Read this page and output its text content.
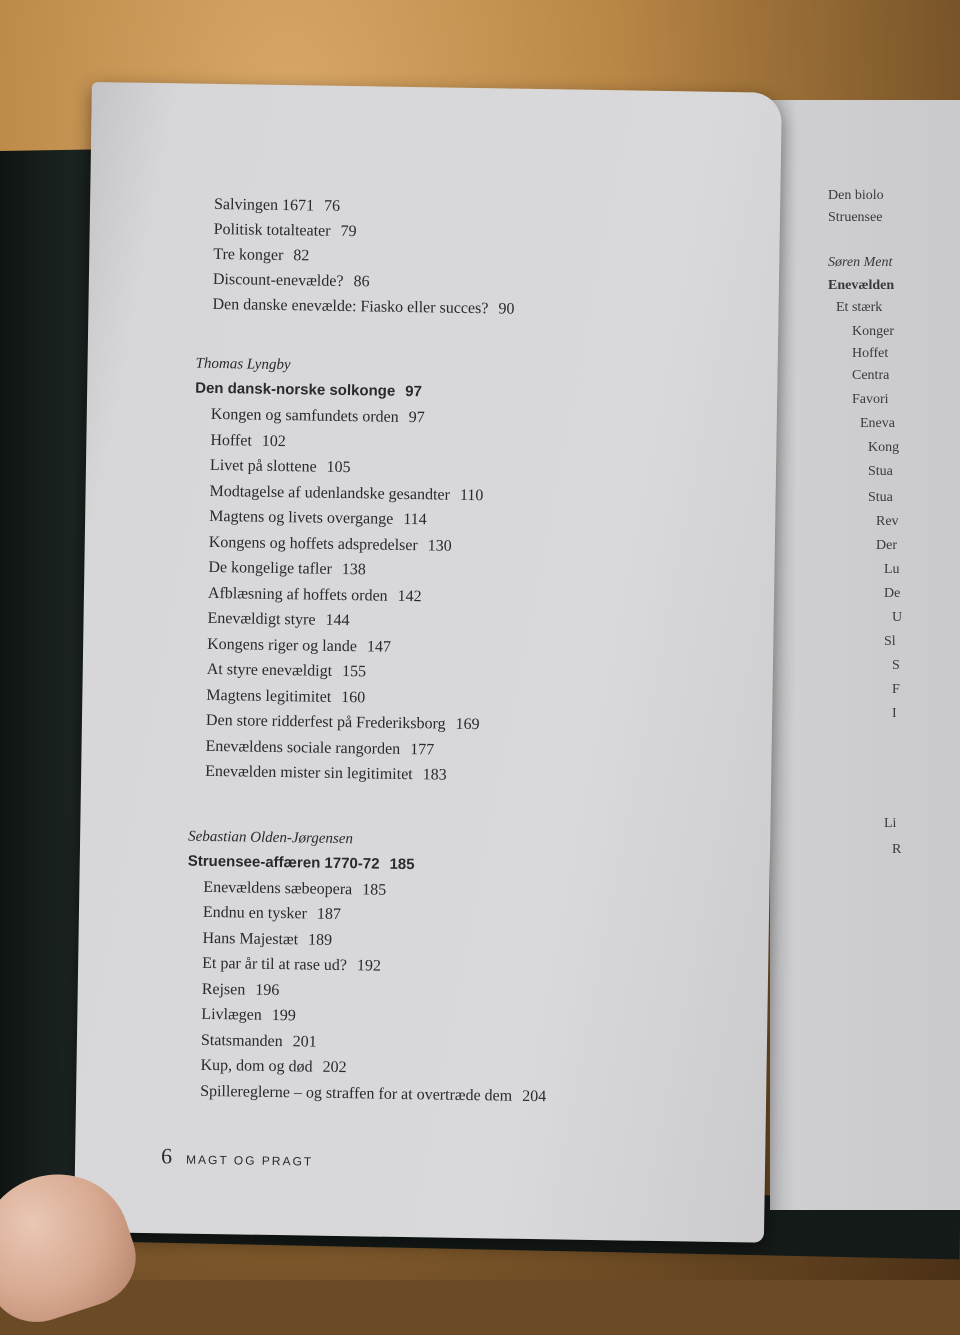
Den biolo
Struensee
Søren Ment
Enevælden
Et stærk
Konger
Hoffet
Centra
Favori
Eneva
Kong
Stua
Stua
Rev
Der
Lu
De
U
Sl
S
F
I
Li
R
Salvingen 1671 76
Politisk totalteater 79
Tre konger 82
Discount-enevælde? 86
Den danske enevælde: Fiasko eller succes? 90
Thomas Lyngby
Den dansk-norske solkonge 97
Kongen og samfundets orden 97
Hoffet 102
Livet på slottene 105
Modtagelse af udenlandske gesandter 110
Magtens og livets overgange 114
Kongens og hoffets adspredelser 130
De kongelige tafler 138
Afblæsning af hoffets orden 142
Enevældigt styre 144
Kongens riger og lande 147
At styre enevældigt 155
Magtens legitimitet 160
Den store ridderfest på Frederiksborg 169
Enevældens sociale rangorden 177
Enevælden mister sin legitimitet 183
Sebastian Olden-Jørgensen
Struensee-affæren 1770-72 185
Enevældens sæbeopera 185
Endnu en tysker 187
Hans Majestæt 189
Et par år til at rase ud? 192
Rejsen 196
Livlægen 199
Statsmanden 201
Kup, dom og død 202
Spillereglerne – og straffen for at overtræde dem 204
6 MAGT OG PRAGT
